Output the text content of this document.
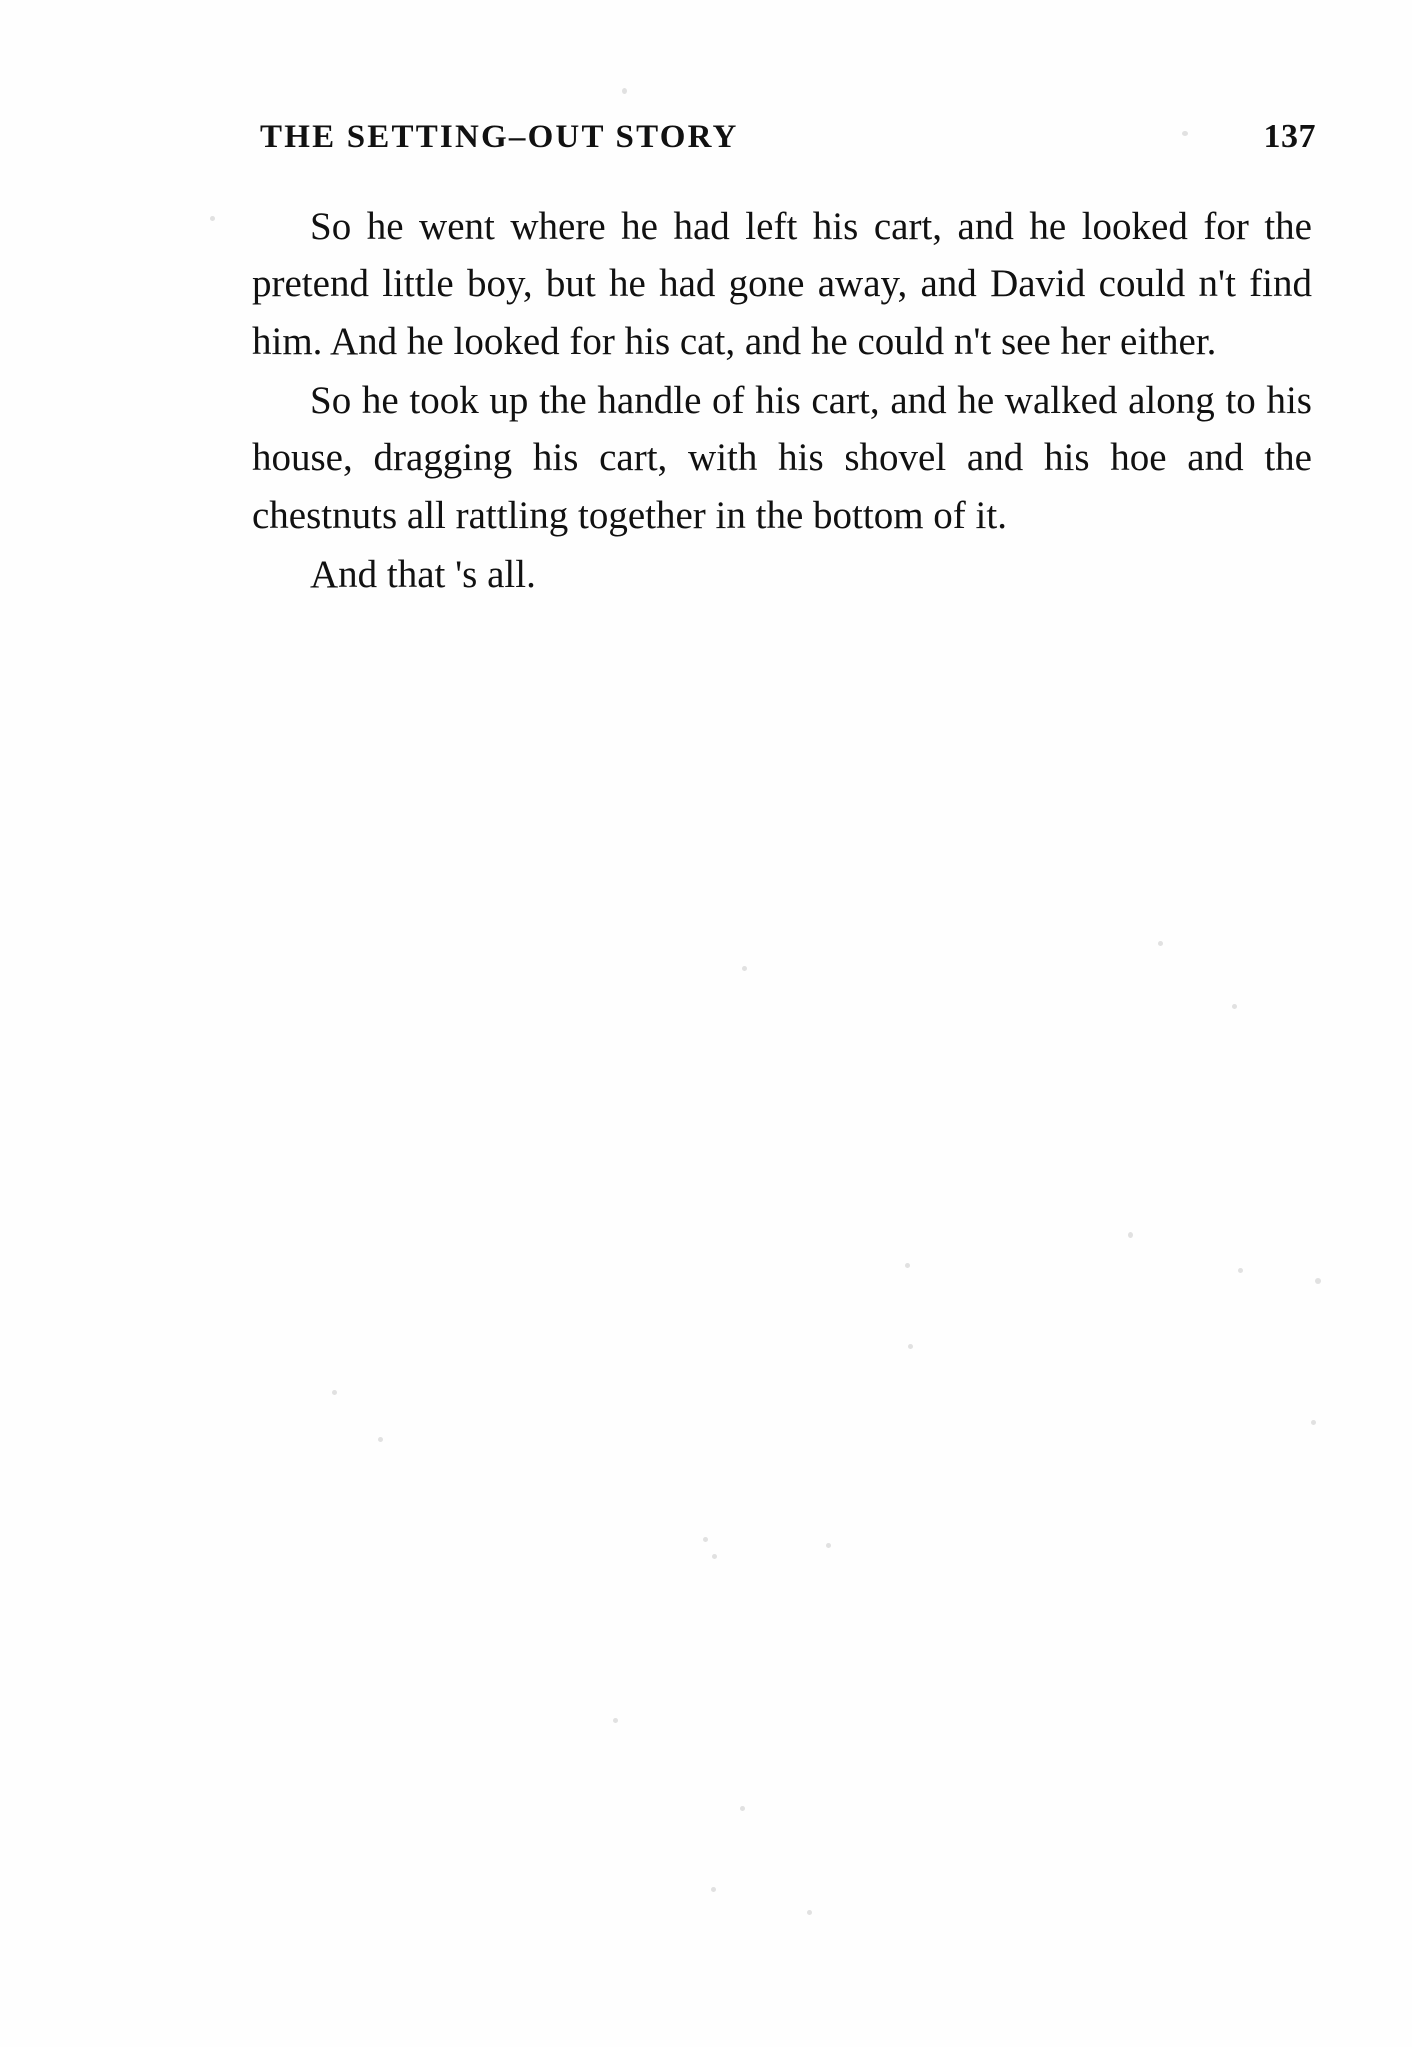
THE SETTING–OUT STORY	137

So he went where he had left his cart, and he looked for the pretend little boy, but he had gone away, and David could n't find him. And he looked for his cat, and he could n't see her either.

So he took up the handle of his cart, and he walked along to his house, dragging his cart, with his shovel and his hoe and the chestnuts all rattling together in the bottom of it.

And that 's all.
